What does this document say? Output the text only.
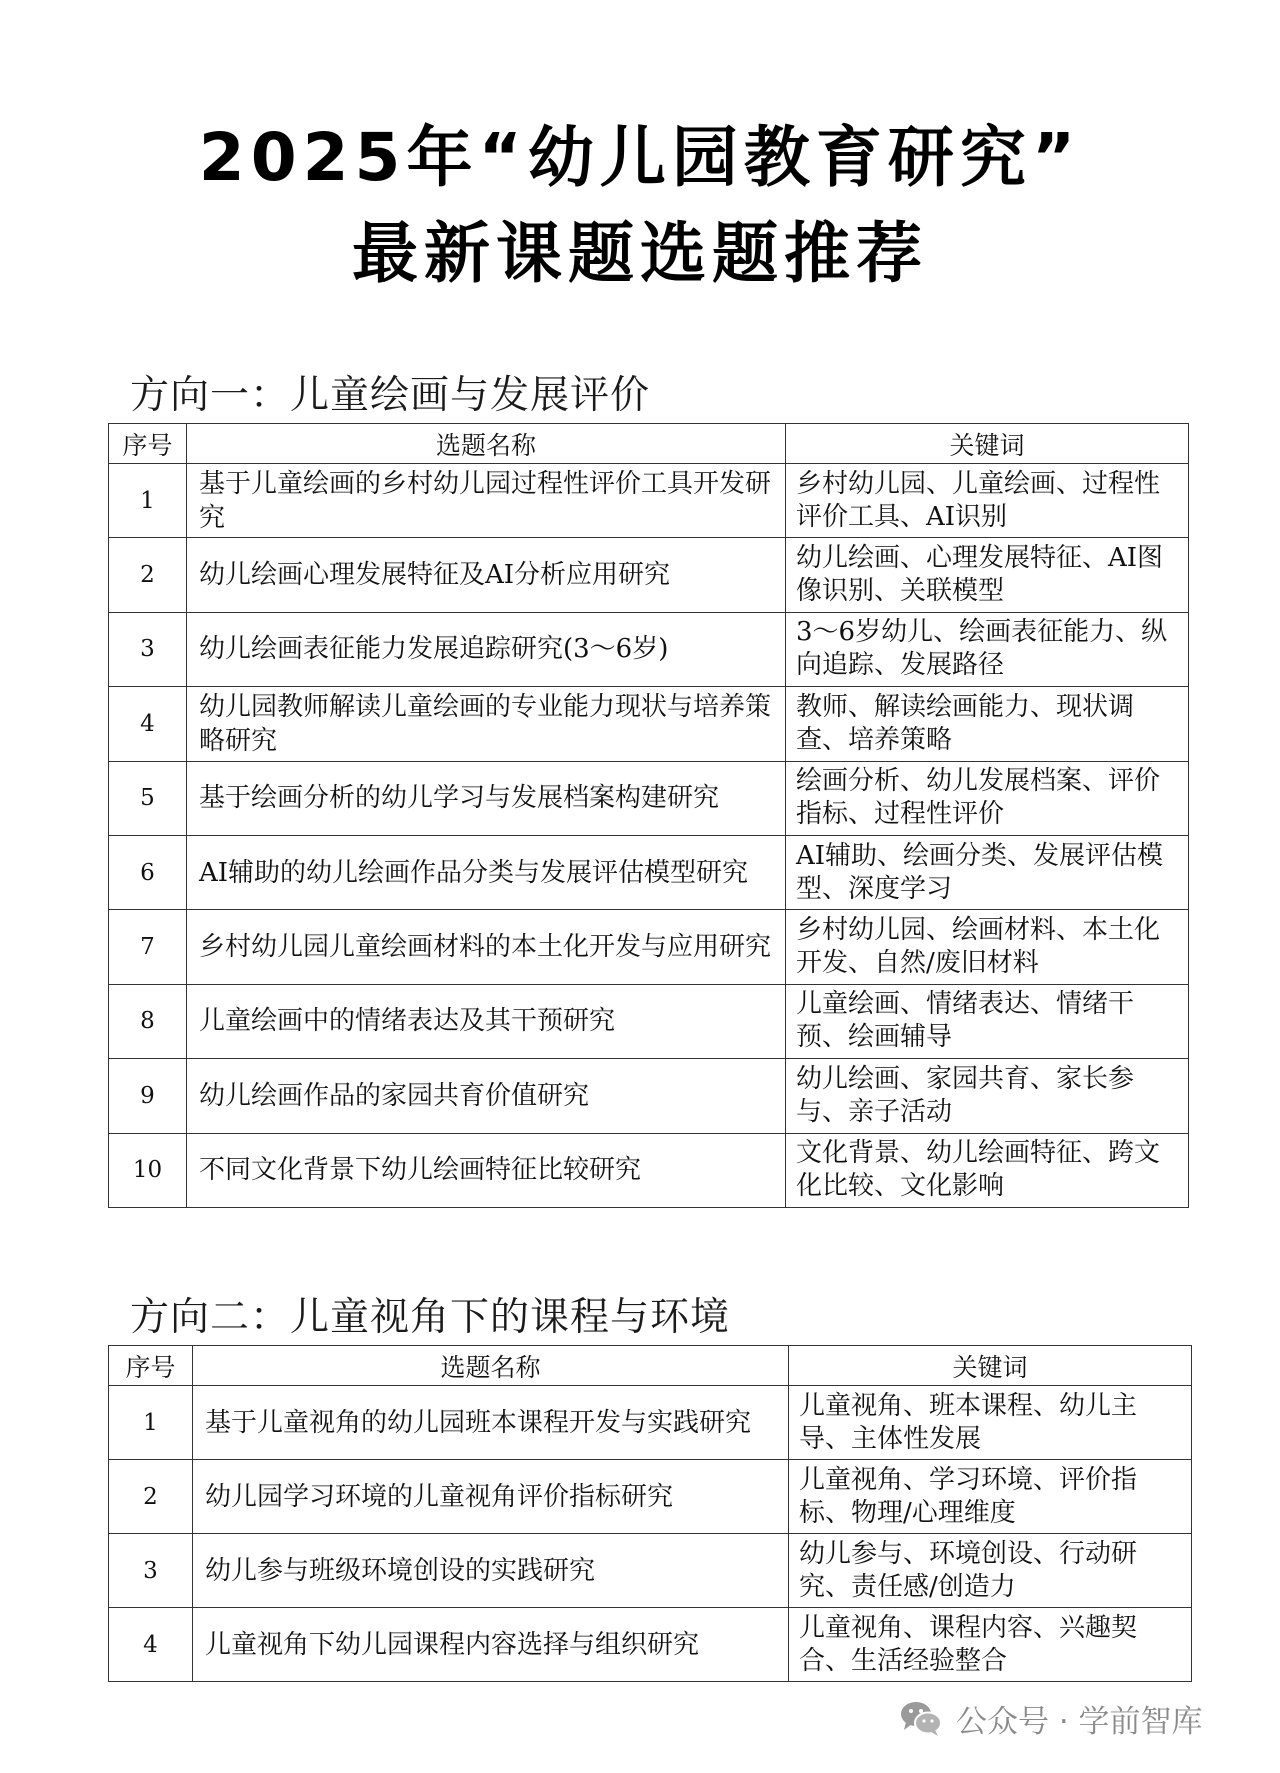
2025年“幼儿园教育研究”
最新课题选题推荐
方向一：儿童绘画与发展评价
序号	选题名称	关键词
1	基于儿童绘画的乡村幼儿园过程性评价工具开发研究	乡村幼儿园、儿童绘画、过程性评价工具、AI识别
2	幼儿绘画心理发展特征及AI分析应用研究	幼儿绘画、心理发展特征、AI图像识别、关联模型
3	幼儿绘画表征能力发展追踪研究(3～6岁)	3～6岁幼儿、绘画表征能力、纵向追踪、发展路径
4	幼儿园教师解读儿童绘画的专业能力现状与培养策略研究	教师、解读绘画能力、现状调查、培养策略
5	基于绘画分析的幼儿学习与发展档案构建研究	绘画分析、幼儿发展档案、评价指标、过程性评价
6	AI辅助的幼儿绘画作品分类与发展评估模型研究	AI辅助、绘画分类、发展评估模型、深度学习
7	乡村幼儿园儿童绘画材料的本土化开发与应用研究	乡村幼儿园、绘画材料、本土化开发、自然/废旧材料
8	儿童绘画中的情绪表达及其干预研究	儿童绘画、情绪表达、情绪干预、绘画辅导
9	幼儿绘画作品的家园共育价值研究	幼儿绘画、家园共育、家长参与、亲子活动
10	不同文化背景下幼儿绘画特征比较研究	文化背景、幼儿绘画特征、跨文化比较、文化影响
方向二：儿童视角下的课程与环境
序号	选题名称	关键词
1	基于儿童视角的幼儿园班本课程开发与实践研究	儿童视角、班本课程、幼儿主导、主体性发展
2	幼儿园学习环境的儿童视角评价指标研究	儿童视角、学习环境、评价指标、物理/心理维度
3	幼儿参与班级环境创设的实践研究	幼儿参与、环境创设、行动研究、责任感/创造力
4	儿童视角下幼儿园课程内容选择与组织研究	儿童视角、课程内容、兴趣契合、生活经验整合
公众号 · 学前智库
